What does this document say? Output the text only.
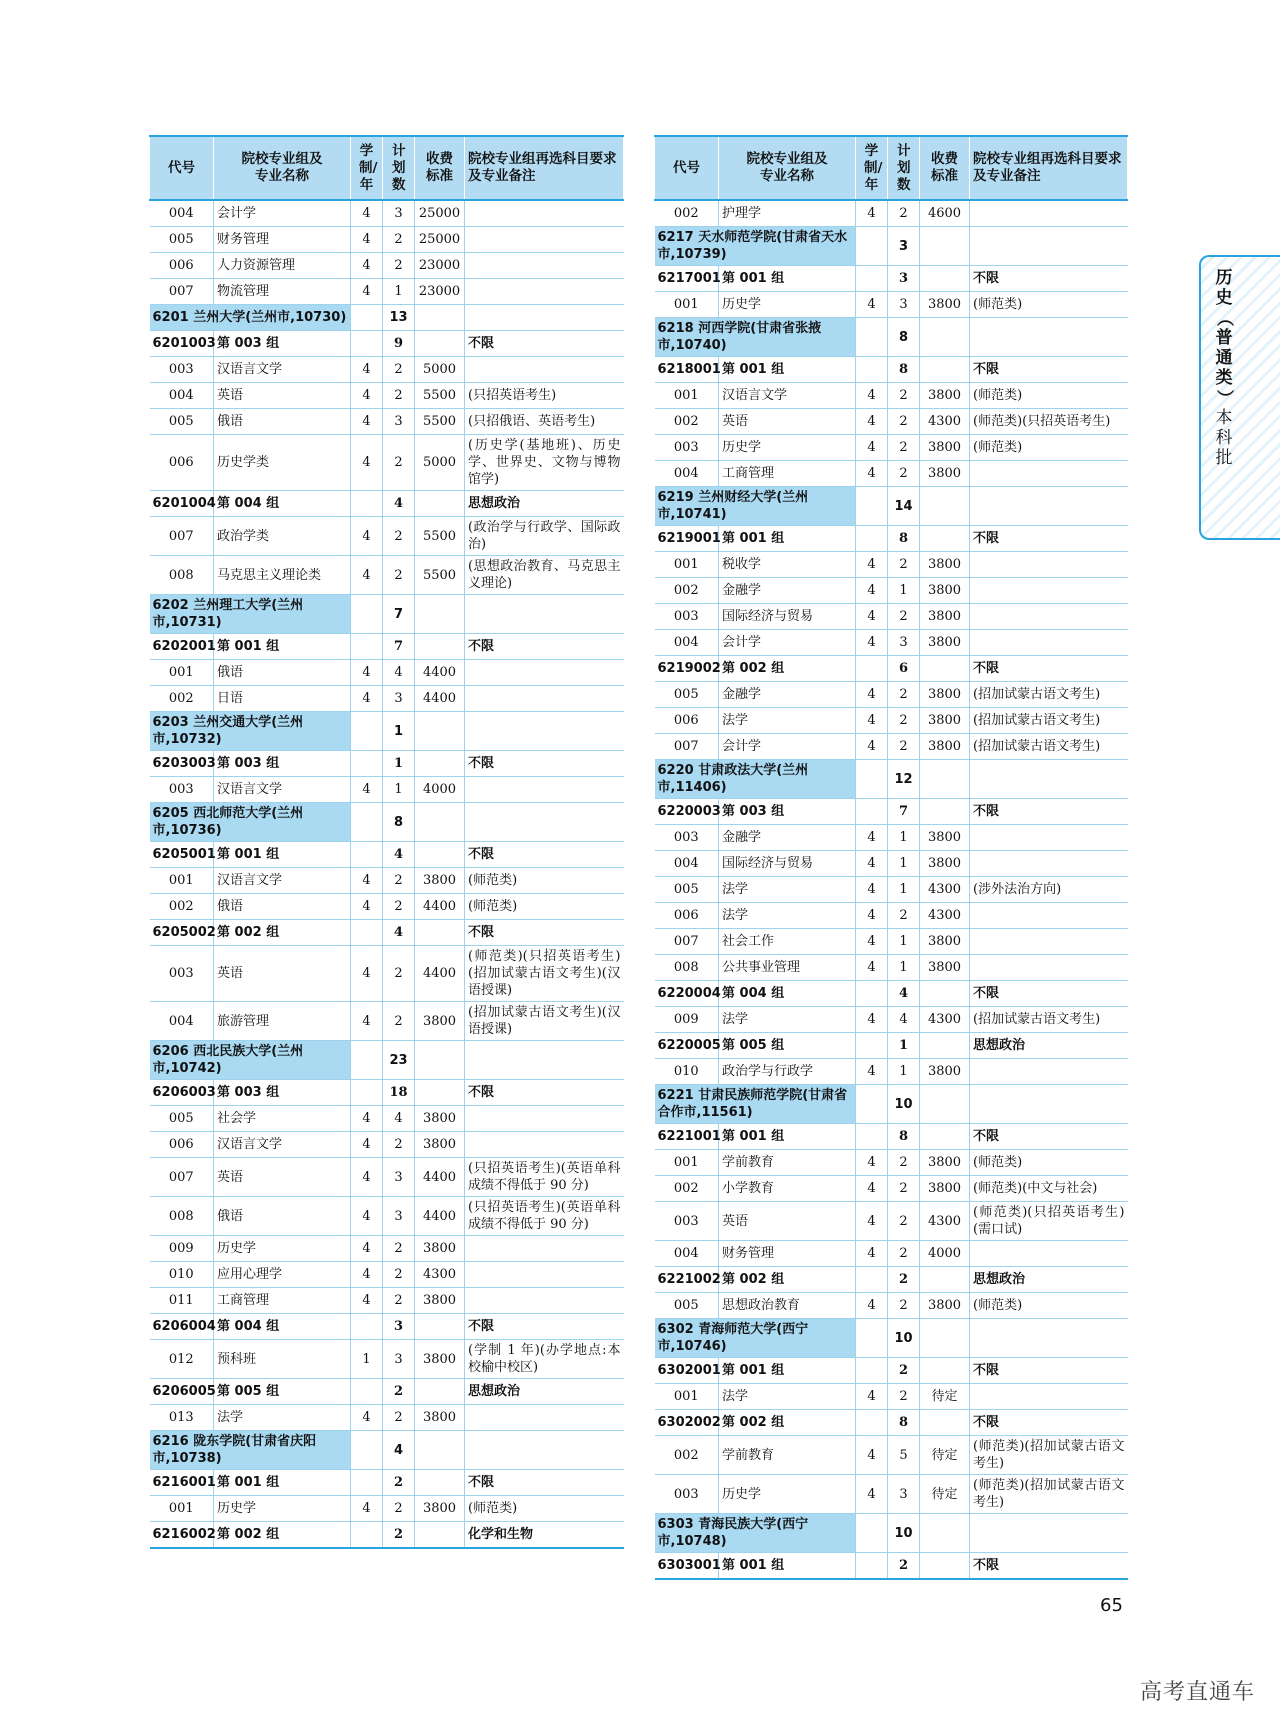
代号	院校专业组及专业名称	学制/年	计划数	收费标准	院校专业组再选科目要求及专业备注
004	会计学	4	3	25000	
005	财务管理	4	2	25000	
006	人力资源管理	4	2	23000	
007	物流管理	4	1	23000	
6201 兰州大学(兰州市,10730)			13		
6201003	第 003 组		9		不限
003	汉语言文学	4	2	5000	
004	英语	4	2	5500	(只招英语考生)
005	俄语	4	3	5500	(只招俄语、英语考生)
006	历史学类	4	2	5000	(历史学(基地班)、历史学、世界史、文物与博物馆学)
6201004	第 004 组		4		思想政治
007	政治学类	4	2	5500	(政治学与行政学、国际政治)
008	马克思主义理论类	4	2	5500	(思想政治教育、马克思主义理论)
6202 兰州理工大学(兰州市,10731)			7		
6202001	第 001 组		7		不限
001	俄语	4	4	4400	
002	日语	4	3	4400	
6203 兰州交通大学(兰州市,10732)			1		
6203003	第 003 组		1		不限
003	汉语言文学	4	1	4000	
6205 西北师范大学(兰州市,10736)			8		
6205001	第 001 组		4		不限
001	汉语言文学	4	2	3800	(师范类)
002	俄语	4	2	4400	(师范类)
6205002	第 002 组		4		不限
003	英语	4	2	4400	(师范类)(只招英语考生)(招加试蒙古语文考生)(汉语授课)
004	旅游管理	4	2	3800	(招加试蒙古语文考生)(汉语授课)
6206 西北民族大学(兰州市,10742)			23		
6206003	第 003 组		18		不限
005	社会学	4	4	3800	
006	汉语言文学	4	2	3800	
007	英语	4	3	4400	(只招英语考生)(英语单科成绩不得低于 90 分)
008	俄语	4	3	4400	(只招英语考生)(英语单科成绩不得低于 90 分)
009	历史学	4	2	3800	
010	应用心理学	4	2	4300	
011	工商管理	4	2	3800	
6206004	第 004 组		3		不限
012	预科班	1	3	3800	(学制 1 年)(办学地点:本校榆中校区)
6206005	第 005 组		2		思想政治
013	法学	4	2	3800	
6216 陇东学院(甘肃省庆阳市,10738)			4		
6216001	第 001 组		2		不限
001	历史学	4	2	3800	(师范类)
6216002	第 002 组		2		化学和生物
代号	院校专业组及专业名称	学制/年	计划数	收费标准	院校专业组再选科目要求及专业备注
002	护理学	4	2	4600	
6217 天水师范学院(甘肃省天水市,10739)			3		
6217001	第 001 组		3		不限
001	历史学	4	3	3800	(师范类)
6218 河西学院(甘肃省张掖市,10740)			8		
6218001	第 001 组		8		不限
001	汉语言文学	4	2	3800	(师范类)
002	英语	4	2	4300	(师范类)(只招英语考生)
003	历史学	4	2	3800	(师范类)
004	工商管理	4	2	3800	
6219 兰州财经大学(兰州市,10741)			14		
6219001	第 001 组		8		不限
001	税收学	4	2	3800	
002	金融学	4	1	3800	
003	国际经济与贸易	4	2	3800	
004	会计学	4	3	3800	
6219002	第 002 组		6		不限
005	金融学	4	2	3800	(招加试蒙古语文考生)
006	法学	4	2	3800	(招加试蒙古语文考生)
007	会计学	4	2	3800	(招加试蒙古语文考生)
6220 甘肃政法大学(兰州市,11406)			12		
6220003	第 003 组		7		不限
003	金融学	4	1	3800	
004	国际经济与贸易	4	1	3800	
005	法学	4	1	4300	(涉外法治方向)
006	法学	4	2	4300	
007	社会工作	4	1	3800	
008	公共事业管理	4	1	3800	
6220004	第 004 组		4		不限
009	法学	4	4	4300	(招加试蒙古语文考生)
6220005	第 005 组		1		思想政治
010	政治学与行政学	4	1	3800	
6221 甘肃民族师范学院(甘肃省合作市,11561)			10		
6221001	第 001 组		8		不限
001	学前教育	4	2	3800	(师范类)
002	小学教育	4	2	3800	(师范类)(中文与社会)
003	英语	4	2	4300	(师范类)(只招英语考生)(需口试)
004	财务管理	4	2	4000	
6221002	第 002 组		2		思想政治
005	思想政治教育	4	2	3800	(师范类)
6302 青海师范大学(西宁市,10746)			10		
6302001	第 001 组		2		不限
001	法学	4	2	待定	
6302002	第 002 组		8		不限
002	学前教育	4	5	待定	(师范类)(招加试蒙古语文考生)
003	历史学	4	3	待定	(师范类)(招加试蒙古语文考生)
6303 青海民族大学(西宁市,10748)			10		
6303001	第 001 组		2		不限
历史
（
普通类
）
本科批
65
高考直通车
